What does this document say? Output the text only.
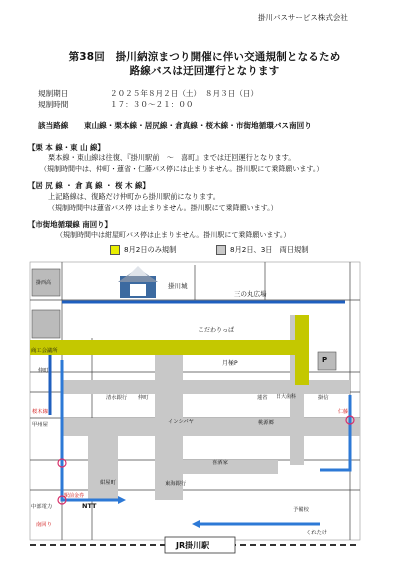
掛川バスサービス株式会社
第38回　掛川納涼まつり開催に伴い交通規制となるため
路線バスは迂回運行となります
規制期日	２０２５年８月２日（土）　８月３日（日）
規制時間	１７：３０～２１：００
該当路線 東山線・栗本線・居尻線・倉真線・桜木線・市街地循環バス南回り
【栗 本 線・東 山 線】
栗本線・東山線は往復、『掛川駅前　～　喜町』までは迂回運行となります。
（規制時間中は、仲町・蓮省・仁藤バス停には止まりません。掛川駅にて乗降願います。）
【居 尻 線 ・ 倉 真 線 ・ 桜 木 線】
上記路線は、復路だけ仲町から掛川駅前になります。
（規制時間中は蓮省バス停 は止まりません。掛川駅にて乗降願います。）
【市街地循環線 南回り】
（規制時間中は紺屋町バス停は止まりません。掛川駅にて乗降願います。）
8月2日のみ規制	8月2日、3日　両日規制
掛西高	掛川城
三の丸広場
こだわりっぱ
月極P	P
商工会議所
仲町
清水銀行 仲町	蓮省 日大歯科	掛信
桜木線
甲州屋	インシバヤ	桃源郷
喜酒家
紺屋町	東海銀行
中部電力	NTT
駅前金券
南回り
予備校
くれたけ
JR掛川駅
仁藤
